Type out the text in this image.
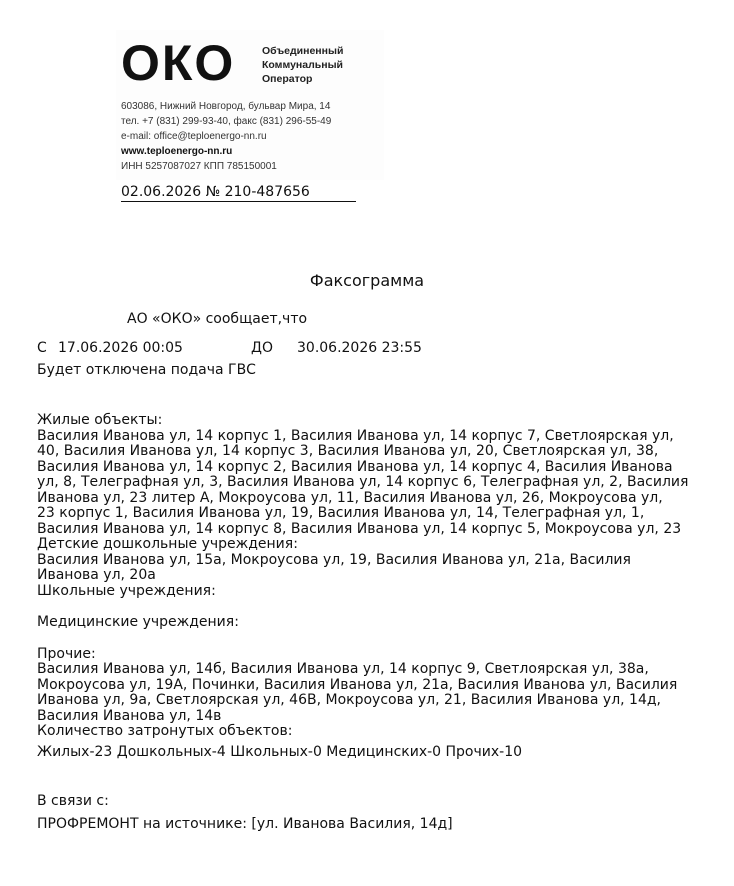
ОКО	Объединенный
Коммунальный
Оператор
603086, Нижний Новгород, бульвар Мира, 14
тел. +7 (831) 299-93-40, факс (831) 296-55-49
e-mail: office@teploenergo-nn.ru
www.teploenergo-nn.ru
ИНН 5257087027 КПП 785150001
02.06.2026 № 210-487656
Факсограмма
АО «ОКО» сообщает,что
С 17.06.2026 00:05	ДО 30.06.2026 23:55
Будет отключена подача ГВС
Жилые объекты:
Василия Иванова ул, 14 корпус 1, Василия Иванова ул, 14 корпус 7, Светлоярская ул,
40, Василия Иванова ул, 14 корпус 3, Василия Иванова ул, 20, Светлоярская ул, 38,
Василия Иванова ул, 14 корпус 2, Василия Иванова ул, 14 корпус 4, Василия Иванова
ул, 8, Телеграфная ул, 3, Василия Иванова ул, 14 корпус 6, Телеграфная ул, 2, Василия
Иванова ул, 23 литер А, Мокроусова ул, 11, Василия Иванова ул, 26, Мокроусова ул,
23 корпус 1, Василия Иванова ул, 19, Василия Иванова ул, 14, Телеграфная ул, 1,
Василия Иванова ул, 14 корпус 8, Василия Иванова ул, 14 корпус 5, Мокроусова ул, 23
Детские дошкольные учреждения:
Василия Иванова ул, 15а, Мокроусова ул, 19, Василия Иванова ул, 21а, Василия
Иванова ул, 20а
Школьные учреждения:
Медицинские учреждения:
Прочие:
Василия Иванова ул, 14б, Василия Иванова ул, 14 корпус 9, Светлоярская ул, 38а,
Мокроусова ул, 19А, Починки, Василия Иванова ул, 21а, Василия Иванова ул, Василия
Иванова ул, 9а, Светлоярская ул, 46В, Мокроусова ул, 21, Василия Иванова ул, 14д,
Василия Иванова ул, 14в
Количество затронутых объектов:
Жилых-23 Дошкольных-4 Школьных-0 Медицинских-0 Прочих-10
В связи с:
ПРОФРЕМОНТ на источнике: [ул. Иванова Василия, 14д]
